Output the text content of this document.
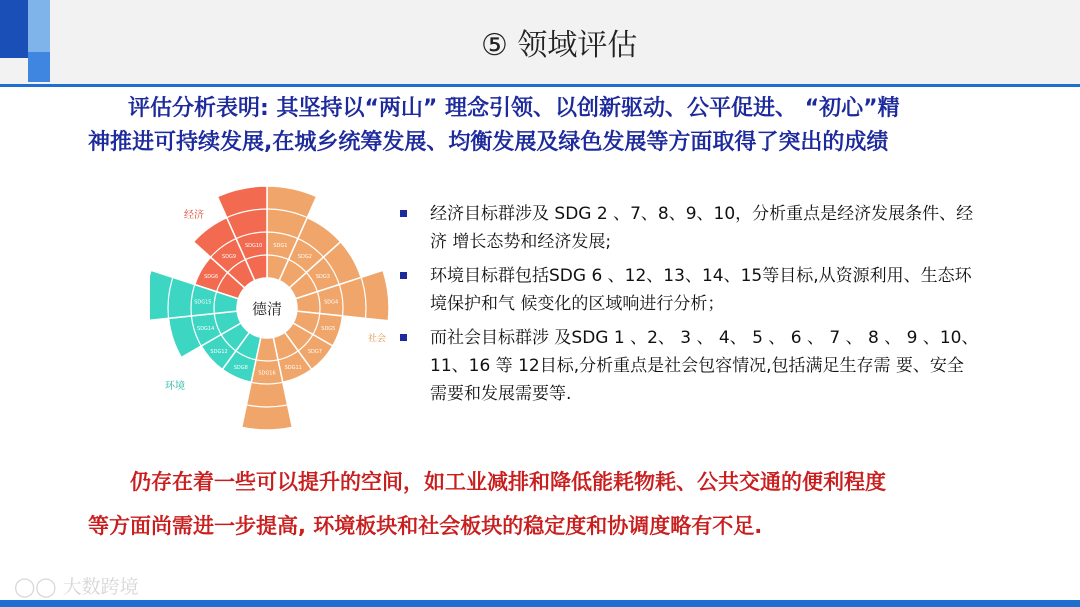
⑤ 领域评估
评估分析表明: 其坚持以“两山” 理念引领、以创新驱动、公平促进、 “初心”精
神推进可持续发展,在城乡统筹发展、均衡发展及绿色发展等方面取得了突出的成绩
SDG1
SDG2
SDG3
SDG4
SDG5
SDG7
SDG11
SDG16
SDG8
SDG12
SDG14
SDG15
SDG6
SDG9
SDG10
德清
经济
社会
环境
经济目标群涉及 SDG 2 、7、8、9、10，分析重点是经济发展条件、经济 增长态势和经济发展;
环境目标群包括SDG 6 、12、13、14、15等目标,从资源利用、生态环境保护和气 候变化的区域响进行分析；
而社会目标群涉 及SDG 1 、2、 3 、 4、 5 、 6 、 7 、 8 、 9 、10、11、16 等 12目标,分析重点是社会包容情况,包括满足生存需 要、安全需要和发展需要等.
仍存在着一些可以提升的空间，如工业减排和降低能耗物耗、公共交通的便利程度
等方面尚需进一步提高, 环境板块和社会板块的稳定度和协调度略有不足.
◯◯ 大数跨境
